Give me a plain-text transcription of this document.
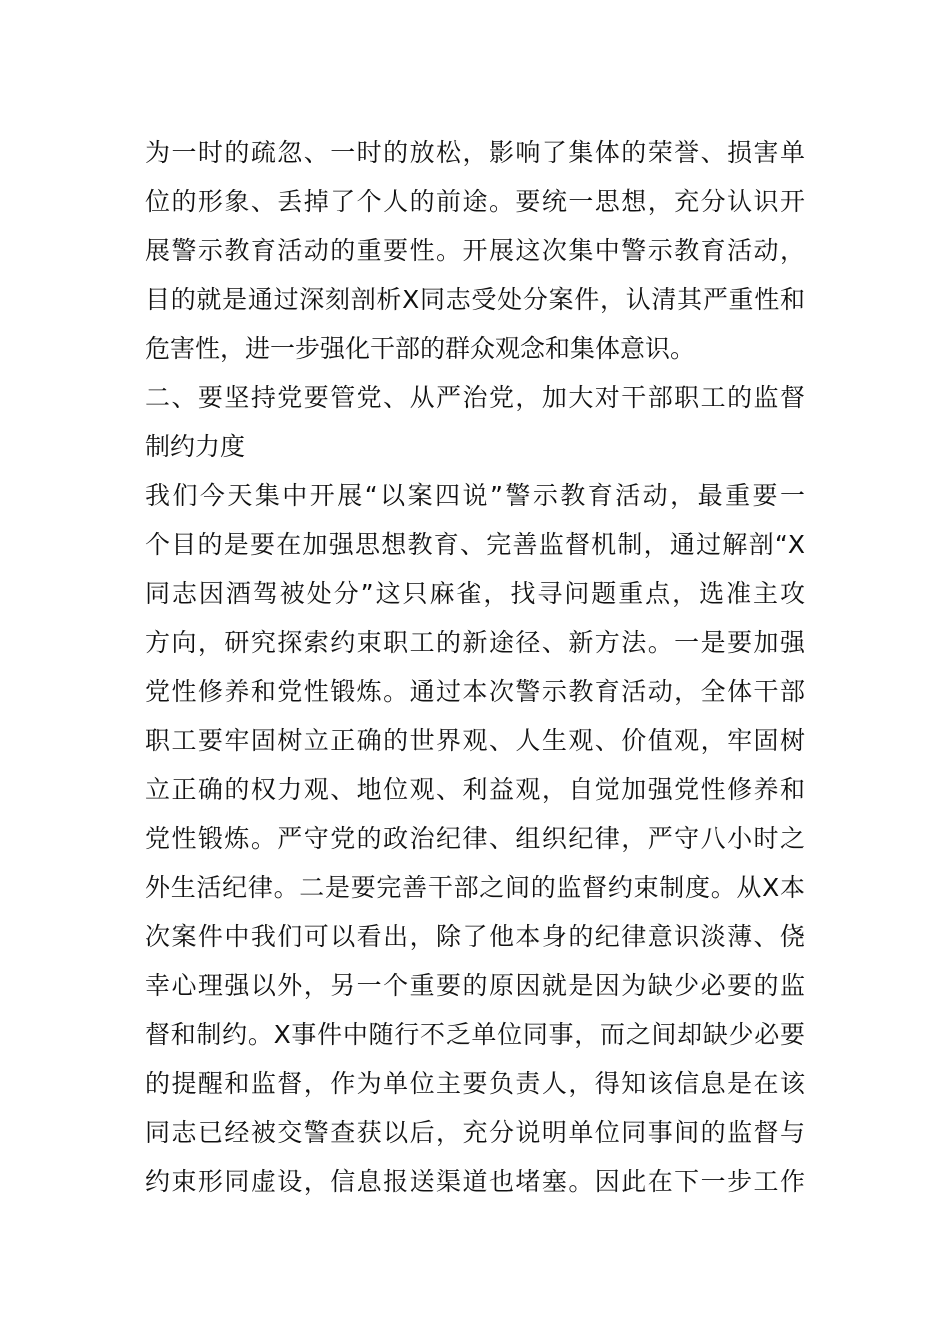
为一时的疏忽、一时的放松，影响了集体的荣誉、损害单
位的形象、丢掉了个人的前途。要统一思想，充分认识开
展警示教育活动的重要性。开展这次集中警示教育活动，
目的就是通过深刻剖析X同志受处分案件，认清其严重性和
危害性，进一步强化干部的群众观念和集体意识。
二、要坚持党要管党、从严治党，加大对干部职工的监督
制约力度
我们今天集中开展“以案四说”警示教育活动，最重要一
个目的是要在加强思想教育、完善监督机制，通过解剖“X
同志因酒驾被处分”这只麻雀，找寻问题重点，选准主攻
方向，研究探索约束职工的新途径、新方法。一是要加强
党性修养和党性锻炼。通过本次警示教育活动，全体干部
职工要牢固树立正确的世界观、人生观、价值观，牢固树
立正确的权力观、地位观、利益观，自觉加强党性修养和
党性锻炼。严守党的政治纪律、组织纪律，严守八小时之
外生活纪律。二是要完善干部之间的监督约束制度。从X本
次案件中我们可以看出，除了他本身的纪律意识淡薄、侥
幸心理强以外，另一个重要的原因就是因为缺少必要的监
督和制约。X事件中随行不乏单位同事，而之间却缺少必要
的提醒和监督，作为单位主要负责人，得知该信息是在该
同志已经被交警查获以后，充分说明单位同事间的监督与
约束形同虚设，信息报送渠道也堵塞。因此在下一步工作
